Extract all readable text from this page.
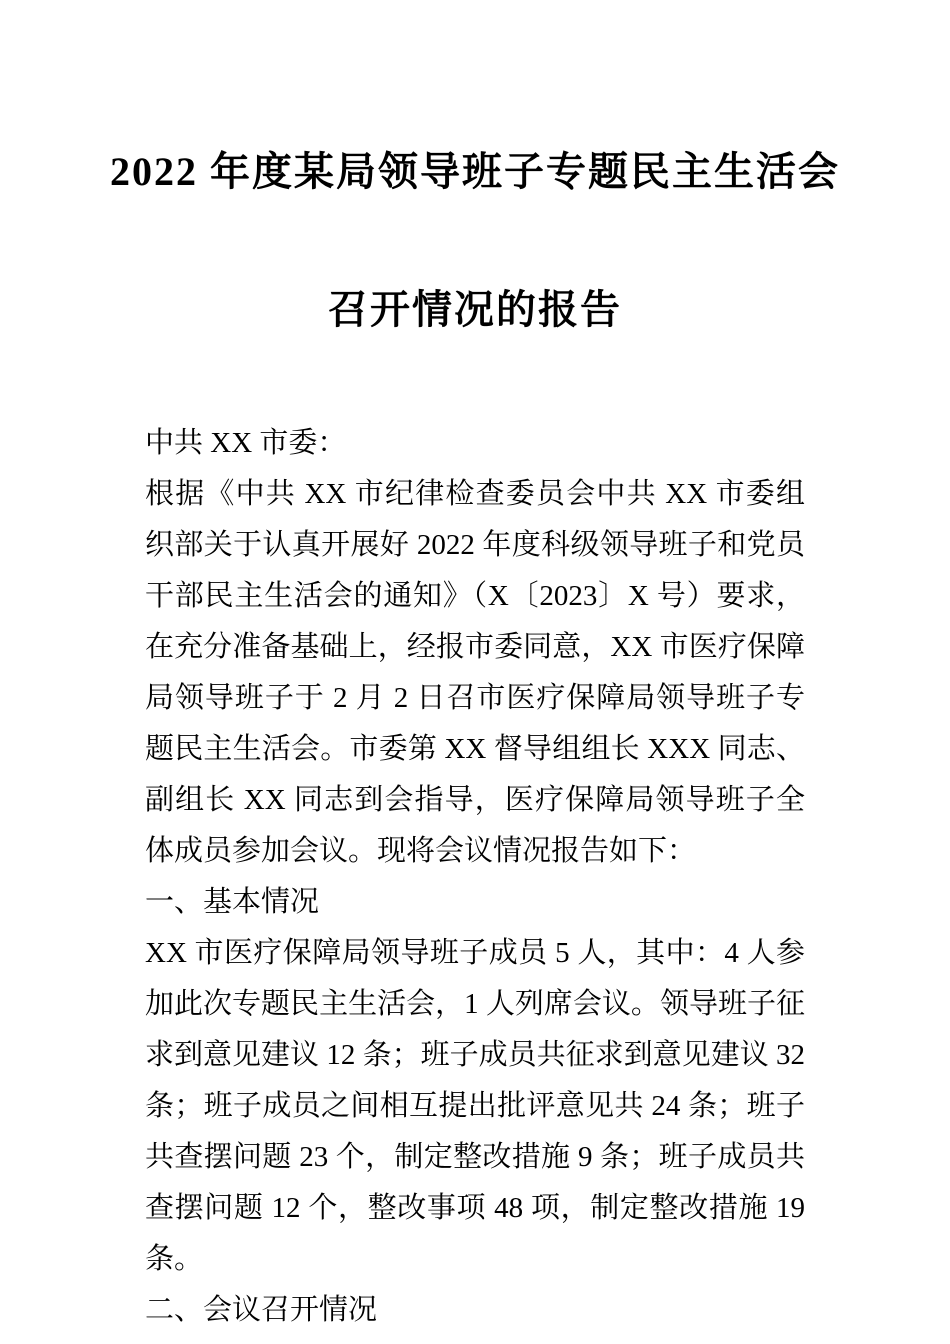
2022 年度某局领导班子专题民主生活会
召开情况的报告

中共 XX 市委：

根据《中共 XX 市纪律检查委员会中共 XX 市委组织部关于认真开展好 2022 年度科级领导班子和党员干部民主生活会的通知》（X〔2023〕X 号）要求，在充分准备基础上，经报市委同意，XX 市医疗保障局领导班子于 2 月 2 日召市医疗保障局领导班子专题民主生活会。市委第 XX 督导组组长 XXX 同志、副组长 XX 同志到会指导，医疗保障局领导班子全体成员参加会议。现将会议情况报告如下：

一、基本情况

XX 市医疗保障局领导班子成员 5 人，其中：4 人参加此次专题民主生活会，1 人列席会议。领导班子征求到意见建议 12 条；班子成员共征求到意见建议 32 条；班子成员之间相互提出批评意见共 24 条；班子共查摆问题 23 个，制定整改措施 9 条；班子成员共查摆问题 12 个，整改事项 48 项，制定整改措施 19 条。

二、会议召开情况
